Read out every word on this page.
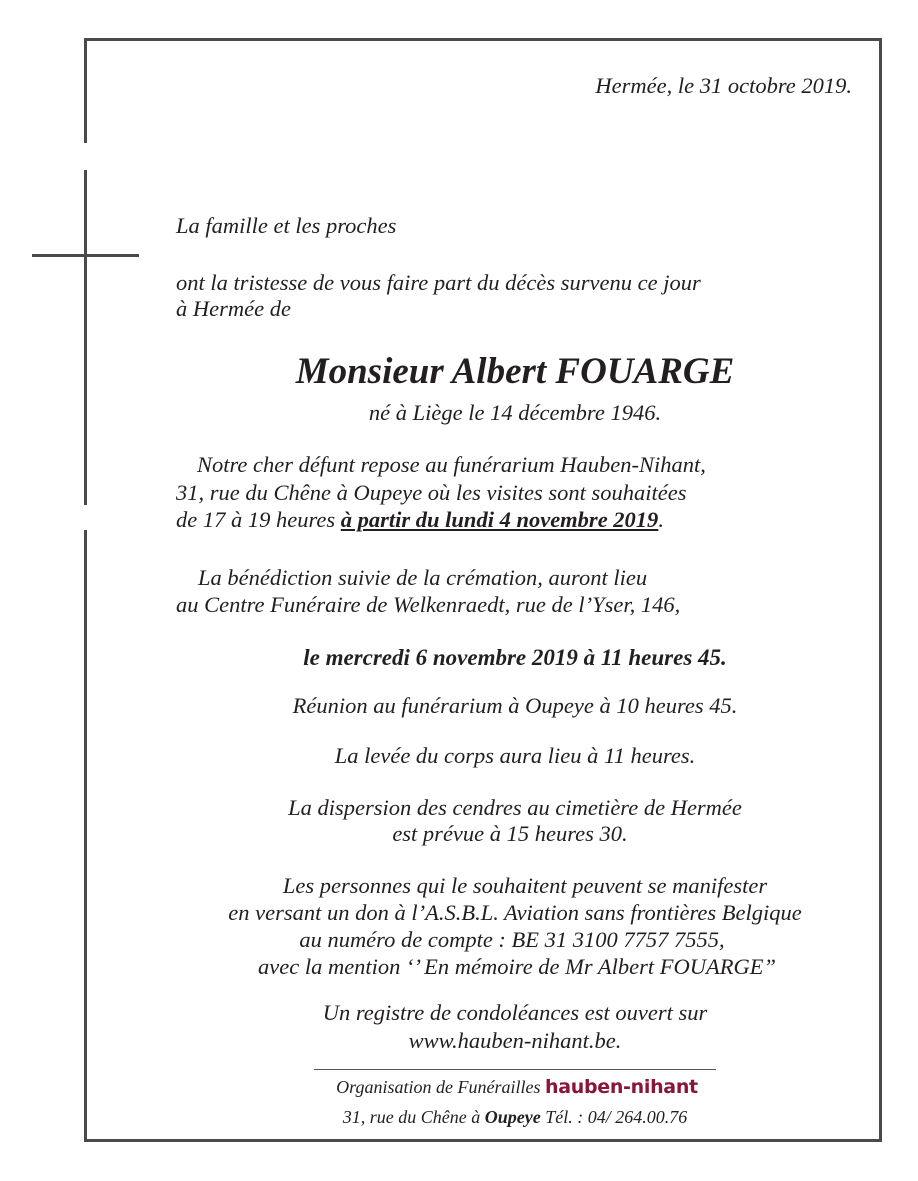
Hermée, le 31 octobre 2019.

La famille et les proches

ont la tristesse de vous faire part du décès survenu ce jour

à Hermée de

Monsieur Albert FOUARGE

né à Liège le 14 décembre 1946.

Notre cher défunt repose au funérarium Hauben-Nihant,

31, rue du Chêne à Oupeye où les visites sont souhaitées

de 17 à 19 heures à partir du lundi 4 novembre 2019.

La bénédiction suivie de la crémation, auront lieu

au Centre Funéraire de Welkenraedt, rue de l’Yser, 146,

le mercredi 6 novembre 2019 à 11 heures 45.

Réunion au funérarium à Oupeye à 10 heures 45.

La levée du corps aura lieu à 11 heures.

La dispersion des cendres au cimetière de Hermée

est prévue à 15 heures 30.

Les personnes qui le souhaitent peuvent se manifester

en versant un don à l’A.S.B.L. Aviation sans frontières Belgique

au numéro de compte : BE 31 3100 7757 7555,

avec la mention ‘’ En mémoire de Mr Albert FOUARGE”

Un registre de condoléances est ouvert sur

www.hauben-nihant.be.

Organisation de Funérailles hauben-nihant
31, rue du Chêne à Oupeye Tél. : 04/ 264.00.76
